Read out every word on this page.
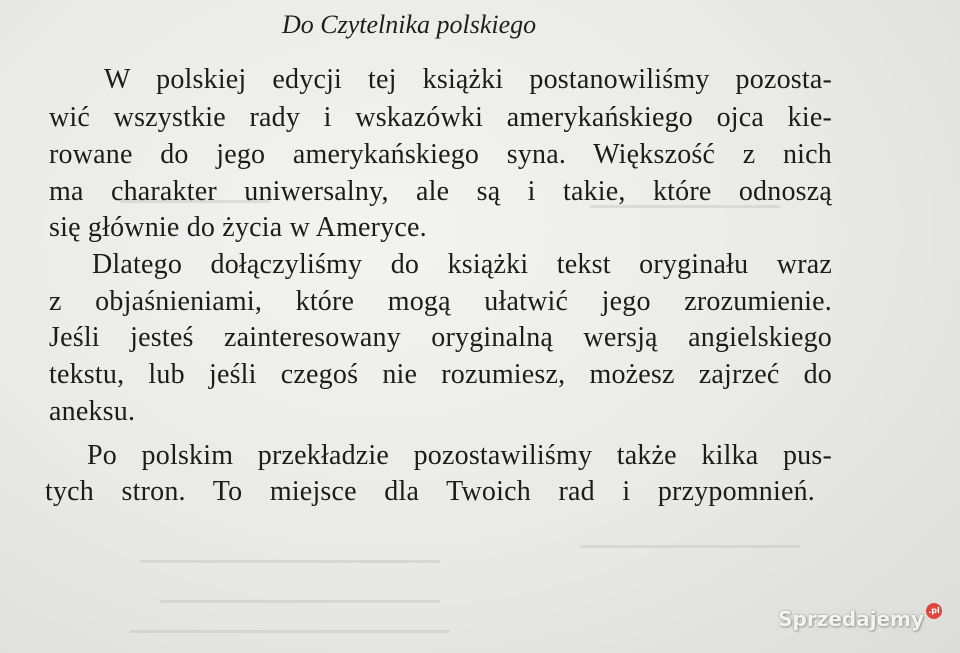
Do Czytelnika polskiego
W polskiej edycji tej książki postanowiliśmy pozosta-
wić wszystkie rady i wskazówki amerykańskiego ojca kie-
rowane do jego amerykańskiego syna. Większość z nich
ma charakter uniwersalny, ale są i takie, które odnoszą
się głównie do życia w Ameryce.
Dlatego dołączyliśmy do książki tekst oryginału wraz
z objaśnieniami, które mogą ułatwić jego zrozumienie.
Jeśli jesteś zainteresowany oryginalną wersją angielskiego
tekstu, lub jeśli czegoś nie rozumiesz, możesz zajrzeć do
aneksu.
Po polskim przekładzie pozostawiliśmy także kilka pus-
tych stron. To miejsce dla Twoich rad i przypomnień.
Sprzedajemy .pl
